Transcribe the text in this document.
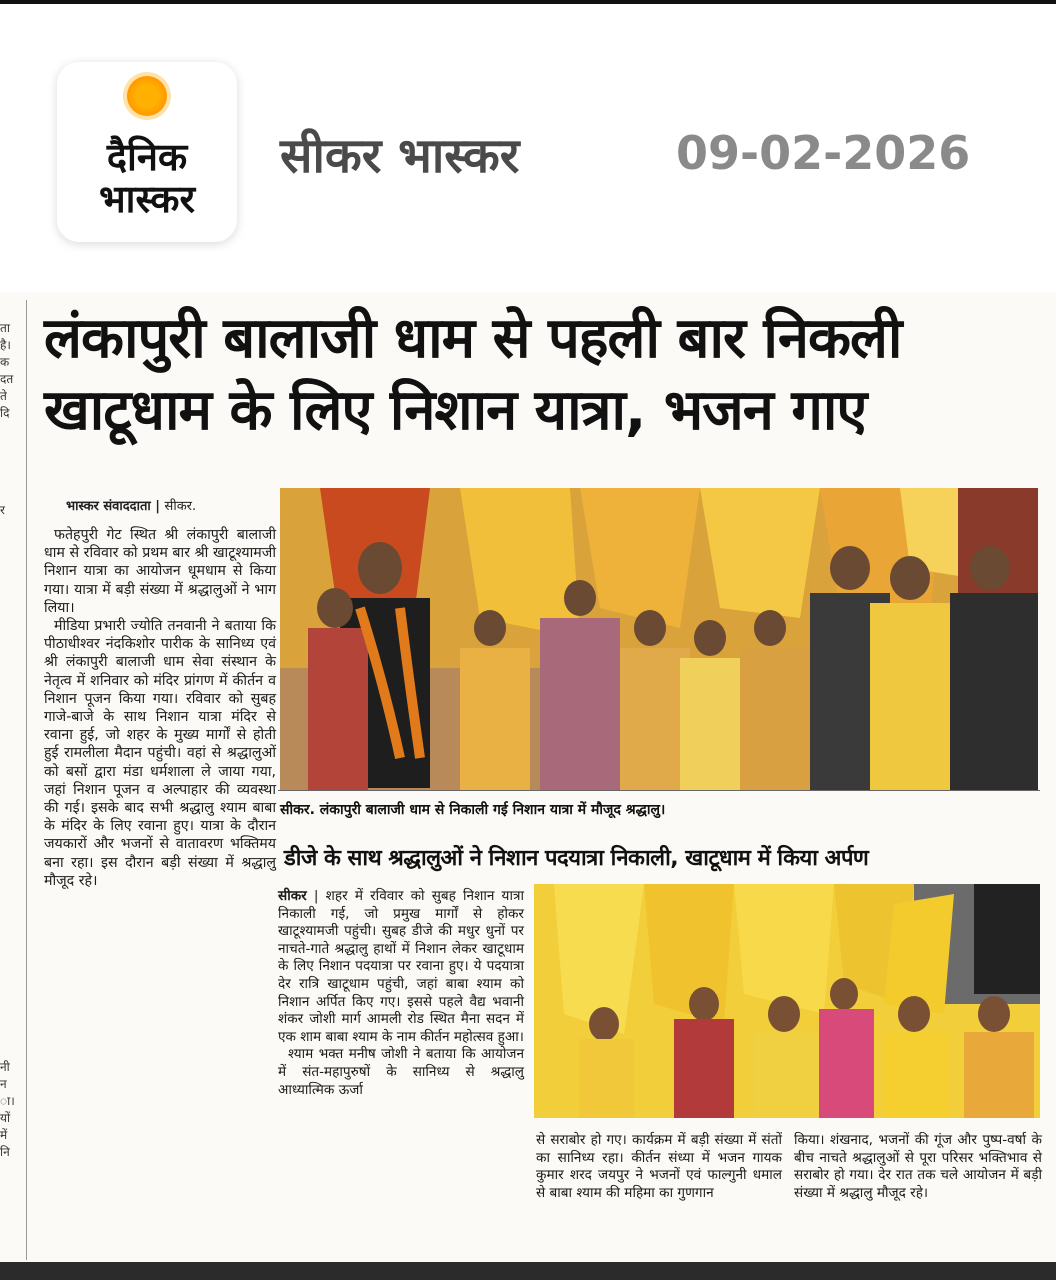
दैनिक
भास्कर
सीकर भास्कर	09-02-2026
ता
है।
क
दत
ते
दि
र
नी
न
ा।
यों
में
नि
लंकापुरी बालाजी धाम से पहली बार निकली
खाटूधाम के लिए निशान यात्रा, भजन गाए
भास्कर संवाददाता | सीकर.

फतेहपुरी गेट स्थित श्री लंकापुरी बालाजी धाम से रविवार को प्रथम बार श्री खाटूश्यामजी निशान यात्रा का आयोजन धूमधाम से किया गया। यात्रा में बड़ी संख्या में श्रद्धालुओं ने भाग लिया।

मीडिया प्रभारी ज्योति तनवानी ने बताया कि पीठाधीश्वर नंदकिशोर पारीक के सानिध्य एवं श्री लंकापुरी बालाजी धाम सेवा संस्थान के नेतृत्व में शनिवार को मंदिर प्रांगण में कीर्तन व निशान पूजन किया गया। रविवार को सुबह गाजे-बाजे के साथ निशान यात्रा मंदिर से रवाना हुई, जो शहर के मुख्य मार्गों से होती हुई रामलीला मैदान पहुंची। वहां से श्रद्धालुओं को बसों द्वारा मंडा धर्मशाला ले जाया गया, जहां निशान पूजन व अल्पाहार की व्यवस्था की गई। इसके बाद सभी श्रद्धालु श्याम बाबा के मंदिर के लिए रवाना हुए। यात्रा के दौरान जयकारों और भजनों से वातावरण भक्तिमय बना रहा। इस दौरान बड़ी संख्या में श्रद्धालु मौजूद रहे।

सीकर. लंकापुरी बालाजी धाम से निकाली गई निशान यात्रा में मौजूद श्रद्धालु।
डीजे के साथ श्रद्धालुओं ने निशान पदयात्रा निकाली, खाटूधाम में किया अर्पण

सीकर | शहर में रविवार को सुबह निशान यात्रा निकाली गई, जो प्रमुख मार्गों से होकर खाटूश्यामजी पहुंची। सुबह डीजे की मधुर धुनों पर नाचते-गाते श्रद्धालु हाथों में निशान लेकर खाटूधाम के लिए निशान पदयात्रा पर रवाना हुए। ये पदयात्रा देर रात्रि खाटूधाम पहुंची, जहां बाबा श्याम को निशान अर्पित किए गए। इससे पहले वैद्य भवानी शंकर जोशी मार्ग आमली रोड स्थित मैना सदन में एक शाम बाबा श्याम के नाम कीर्तन महोत्सव हुआ।

श्याम भक्त मनीष जोशी ने बताया कि आयोजन में संत-महापुरुषों के सानिध्य से श्रद्धालु आध्यात्मिक ऊर्जा

से सराबोर हो गए। कार्यक्रम में बड़ी संख्या में संतों का सानिध्य रहा। कीर्तन संध्या में भजन गायक कुमार शरद जयपुर ने भजनों एवं फाल्गुनी धमाल से बाबा श्याम की महिमा का गुणगान
किया। शंखनाद, भजनों की गूंज और पुष्प-वर्षा के बीच नाचते श्रद्धालुओं से पूरा परिसर भक्तिभाव से सराबोर हो गया। देर रात तक चले आयोजन में बड़ी संख्या में श्रद्धालु मौजूद रहे।
